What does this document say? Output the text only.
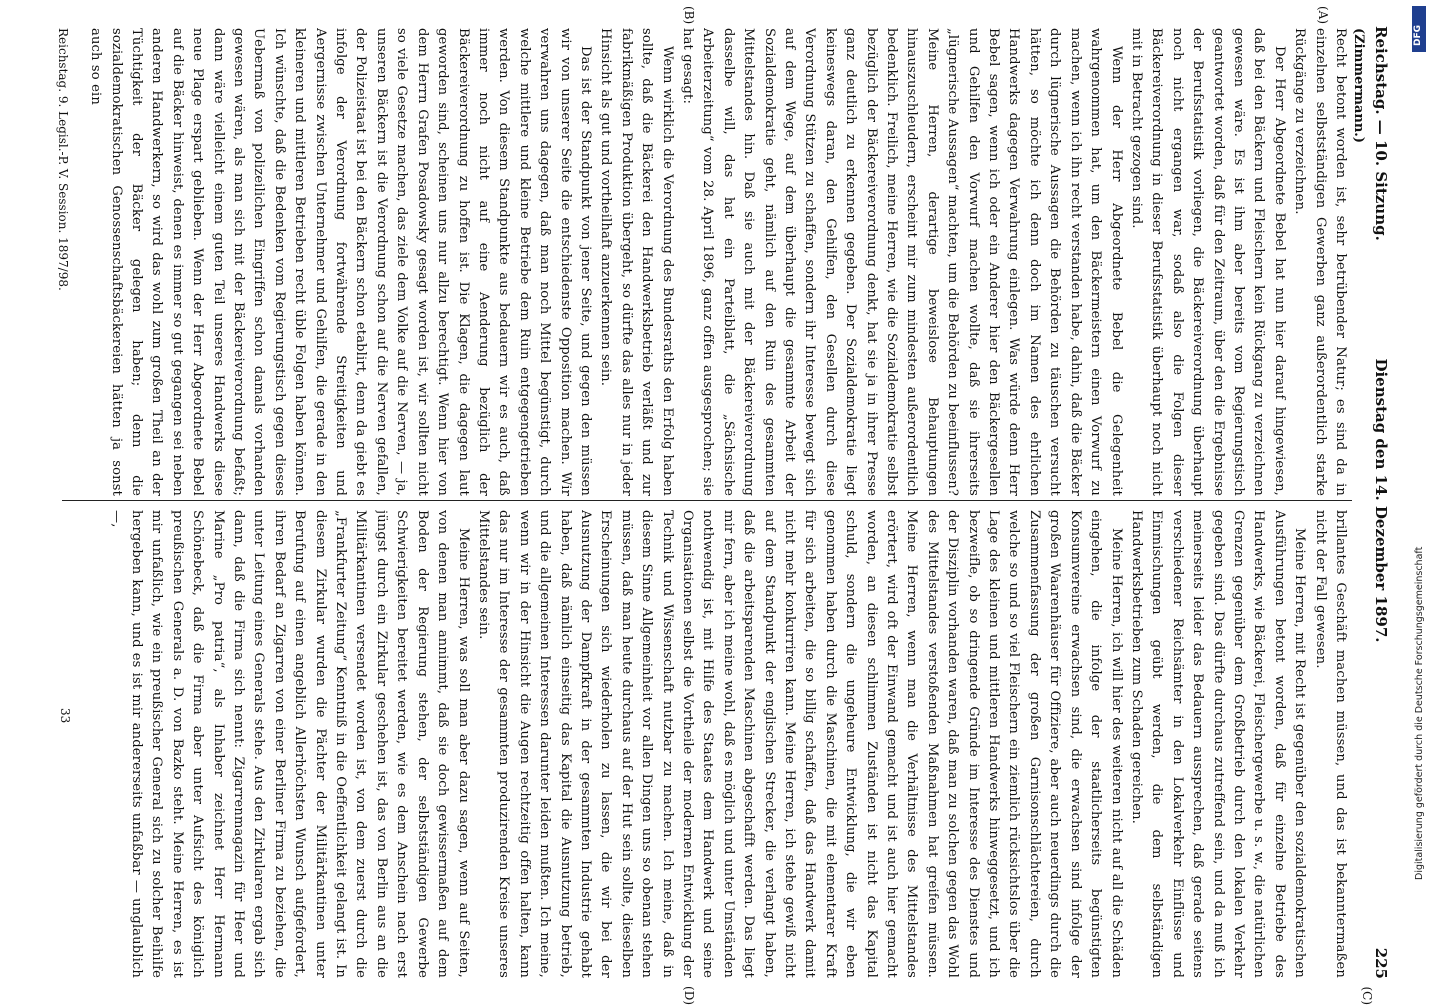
Reichstag. — 10. Sitzung.
Dienstag den 14. Dezember 1897.
225
(Zimmermann.)
(A)
(B)
(C)
(D)

Recht betont worden ist, sehr betrübender Natur; es sind da in einzelnen selbstständigen Gewerben ganz außerordentlich starke Rückgänge zu verzeichnen.

Der Herr Abgeordnete Bebel hat nun hier darauf hingewiesen, daß bei den Bäckern und Fleischern kein Rückgang zu verzeichnen gewesen wäre. Es ist ihm aber bereits vom Regierungstisch geantwortet worden, daß für den Zeitraum, über den die Ergebnisse der Berufsstatistik vorliegen, die Bäckereiverordnung überhaupt noch nicht ergangen war, sodaß also die Folgen dieser Bäckereiverordnung in dieser Berufsstatistik überhaupt noch nicht mit in Betracht gezogen sind.

Wenn der Herr Abgeordnete Bebel die Gelegenheit wahrgenommen hat, um den Bäckermeistern einen Vorwurf zu machen, wenn ich ihn recht verstanden habe, dahin, daß die Bäcker durch lügnerische Aussagen die Behörden zu täuschen versucht hätten, so möchte ich denn doch im Namen des ehrlichen Handwerks dagegen Verwahrung einlegen. Was würde denn Herr Bebel sagen, wenn ich oder ein Anderer hier den Bäckergesellen und Gehilfen den Vorwurf machen wollte, daß sie ihrerseits „lügnerische Aussagen“ machten, um die Behörden zu beeinflussen? Meine Herren, derartige beweislose Behauptungen hinauszuschleudern, erscheint mir zum mindesten außerordentlich bedenklich. Freilich, meine Herren, wie die Sozialdemokratie selbst bezüglich der Bäckereiverordnung denkt, hat sie ja in ihrer Presse ganz deutlich zu erkennen gegeben. Der Sozialdemokratie liegt keineswegs daran, den Gehilfen, den Gesellen durch diese Verordnung Stützen zu schaffen, sondern ihr Interesse bewegt sich auf dem Wege, auf dem überhaupt die gesammte Arbeit der Sozialdemokratie geht, nämlich auf den Ruin des gesammten Mittelstandes hin. Daß sie auch mit der Bäckereiverordnung dasselbe will, das hat ein Parteiblatt, die „Sächsische Arbeiterzeitung“ vom 28. April 1896, ganz offen ausgesprochen; sie hat gesagt:

Wenn wirklich die Verordnung des Bundesraths den Erfolg haben sollte, daß die Bäckerei den Handwerksbetrieb verläßt und zur fabrikmäßigen Produktion übergeht, so dürfte das alles nur in jeder Hinsicht als gut und vortheilhaft anzuerkennen sein.

Das ist der Standpunkt von jener Seite, und gegen den müssen wir von unserer Seite die entschiedenste Opposition machen. Wir verwahren uns dagegen, daß man noch Mittel begünstigt, durch welche mittlere und kleine Betriebe dem Ruin entgegengetrieben werden. Von diesem Standpunkte aus bedauern wir es auch, daß immer noch nicht auf eine Aenderung bezüglich der Bäckereiverordnung zu hoffen ist. Die Klagen, die dagegen laut geworden sind, scheinen uns nur allzu berechtigt. Wenn hier von dem Herrn Grafen Posadowsky gesagt worden ist, wir sollten nicht so viele Gesetze machen, das ziele dem Volke auf die Nerven, — ja, unseren Bäckern ist die Verordnung schon auf die Nerven gefallen, der Polizeistaat ist bei den Bäckern schon etablirt, denn da giebt es infolge der Verordnung fortwährende Streitigkeiten und Aergernisse zwischen Unternehmer und Gehilfen, die gerade in den kleineren und mittleren Betrieben recht üble Folgen haben können. Ich wünschte, daß die Bedenken vom Regierungstisch gegen dieses Uebermaß von polizeilichen Eingriffen schon damals vorhanden gewesen wären, als man sich mit der Bäckereiverordnung befaßt; dann wäre vielleicht einem guten Teil unseres Handwerks diese neue Plage erspart geblieben. Wenn der Herr Abgeordnete Bebel auf die Bäcker hinweist, denen es immer so gut gegangen sei neben anderen Handwerkern, so wird das wohl zum großen Theil an der Tüchtigkeit der Bäcker gelegen haben; denn die sozialdemokratischen Genossenschaftsbäckereien hätten ja sonst auch so ein

brillantes Geschäft machen müssen, und das ist bekanntermaßen nicht der Fall gewesen.

Meine Herren, mit Recht ist gegenüber den sozialdemokratischen Ausführungen betont worden, daß für einzelne Betriebe des Handwerks, wie Bäckerei, Fleischergewerbe u. s. w., die natürlichen Grenzen gegenüber dem Großbetrieb durch den lokalen Verkehr gegeben sind. Das dürfte durchaus zutreffend sein, und da muß ich meinerseits leider das Bedauern aussprechen, daß gerade seitens verschiedener Reichsämter in den Lokalverkehr Einflüsse und Einmischungen geübt werden, die dem selbständigen Handwerksbetrieben zum Schaden gereichen.

Meine Herren, ich will hier des weiteren nicht auf all die Schäden eingehen, die infolge der staatlicherseits begünstigten Konsumvereine erwachsen sind, die erwachsen sind infolge der großen Waarenhäuser für Offiziere, aber auch neuerdings durch die Zusammenfassung der großen Garnisonschlächtereien, durch welche so und so viel Fleischern ein ziemlich rücksichtslos über die Lage des kleinen und mittleren Handwerks hinweggesetzt, und ich bezweifle, ob so dringende Gründe im Interesse des Dienstes und der Disziplin vorhanden waren, daß man zu solchen gegen das Wohl des Mittelstandes verstoßenden Maßnahmen hat greifen müssen. Meine Herren, wenn man die Verhältnisse des Mittelstandes erörtert, wird oft der Einwand gemacht und ist auch hier gemacht worden, an diesen schlimmen Zuständen ist nicht das Kapital schuld, sondern die ungeheure Entwicklung, die wir eben genommen haben durch die Maschinen, die mit elementarer Kraft für sich arbeiten, die so billig schaffen, daß das Handwerk damit nicht mehr konkurriren kann. Meine Herren, ich stehe gewiß nicht auf dem Standpunkt der englischen Strecker, die verlangt haben, daß die arbeitsparenden Maschinen abgeschafft werden. Das liegt mir fern, aber ich meine wohl, daß es möglich und unter Umständen nothwendig ist, mit Hilfe des Staates dem Handwerk und seine Organisationen selbst die Vortheile der modernen Entwicklung der Technik und Wissenschaft nutzbar zu machen. Ich meine, daß in diesem Sinne Allgemeinheit vor allen Dingen uns so obenan stehen müssen, daß man heute durchaus auf der Hut sein sollte, dieselben Erscheinungen sich wiederholen zu lassen, die wir bei der Ausnutzung der Dampfkraft in der gesammten Industrie gehabt haben, daß nämlich einseitig das Kapital die Ausnutzung betrieb, und die allgemeinen Interessen darunter leiden mußten. Ich meine, wenn wir in der Hinsicht die Augen rechtzeitig offen halten, kann das nur im Interesse der gesammten produzirenden Kreise unseres Mittelstandes sein.

Meine Herren, was soll man aber dazu sagen, wenn auf Seiten, von denen man annimmt, daß sie doch gewissermaßen auf dem Boden der Regierung stehen, der selbstständigen Gewerbe Schwierigkeiten bereitet werden, wie es dem Anschein nach erst jüngst durch ein Zirkular geschehen ist, das von Berlin aus an die Militärkantinen versendet worden ist, von dem zuerst durch die „Frankfurter Zeitung“ Kenntniß in die Oeffentlichkeit gelangt ist. In diesem Zirkular wurden die Pächter der Militärkantinen unter Berufung auf einen angeblich Allerhöchsten Wunsch aufgefordert, ihren Bedarf an Zigarren von einer Berliner Firma zu beziehen, die unter Leitung eines Generals stehe. Aus den Zirkularen ergab sich dann, daß die Firma sich nennt: Zigarrenmagazin für Heer und Marine „Pro patria“, als Inhaber zeichnet Herr Hermann Schönebeck, daß die Firma aber unter Aufsicht des königlich preußischen Generals a. D. von Bazko steht. Meine Herren, es ist mir unfaßlich, wie ein preußischer General sich zu solcher Beihilfe hergeben kann, und es ist mir andererseits unfaßbar — unglaublich —,

Reichstag. 9. Legisl.-P. V. Session. 1897/98.
33	Digitalisierung gefördert durch die Deutsche Forschungsgemeinschaft
DFG
